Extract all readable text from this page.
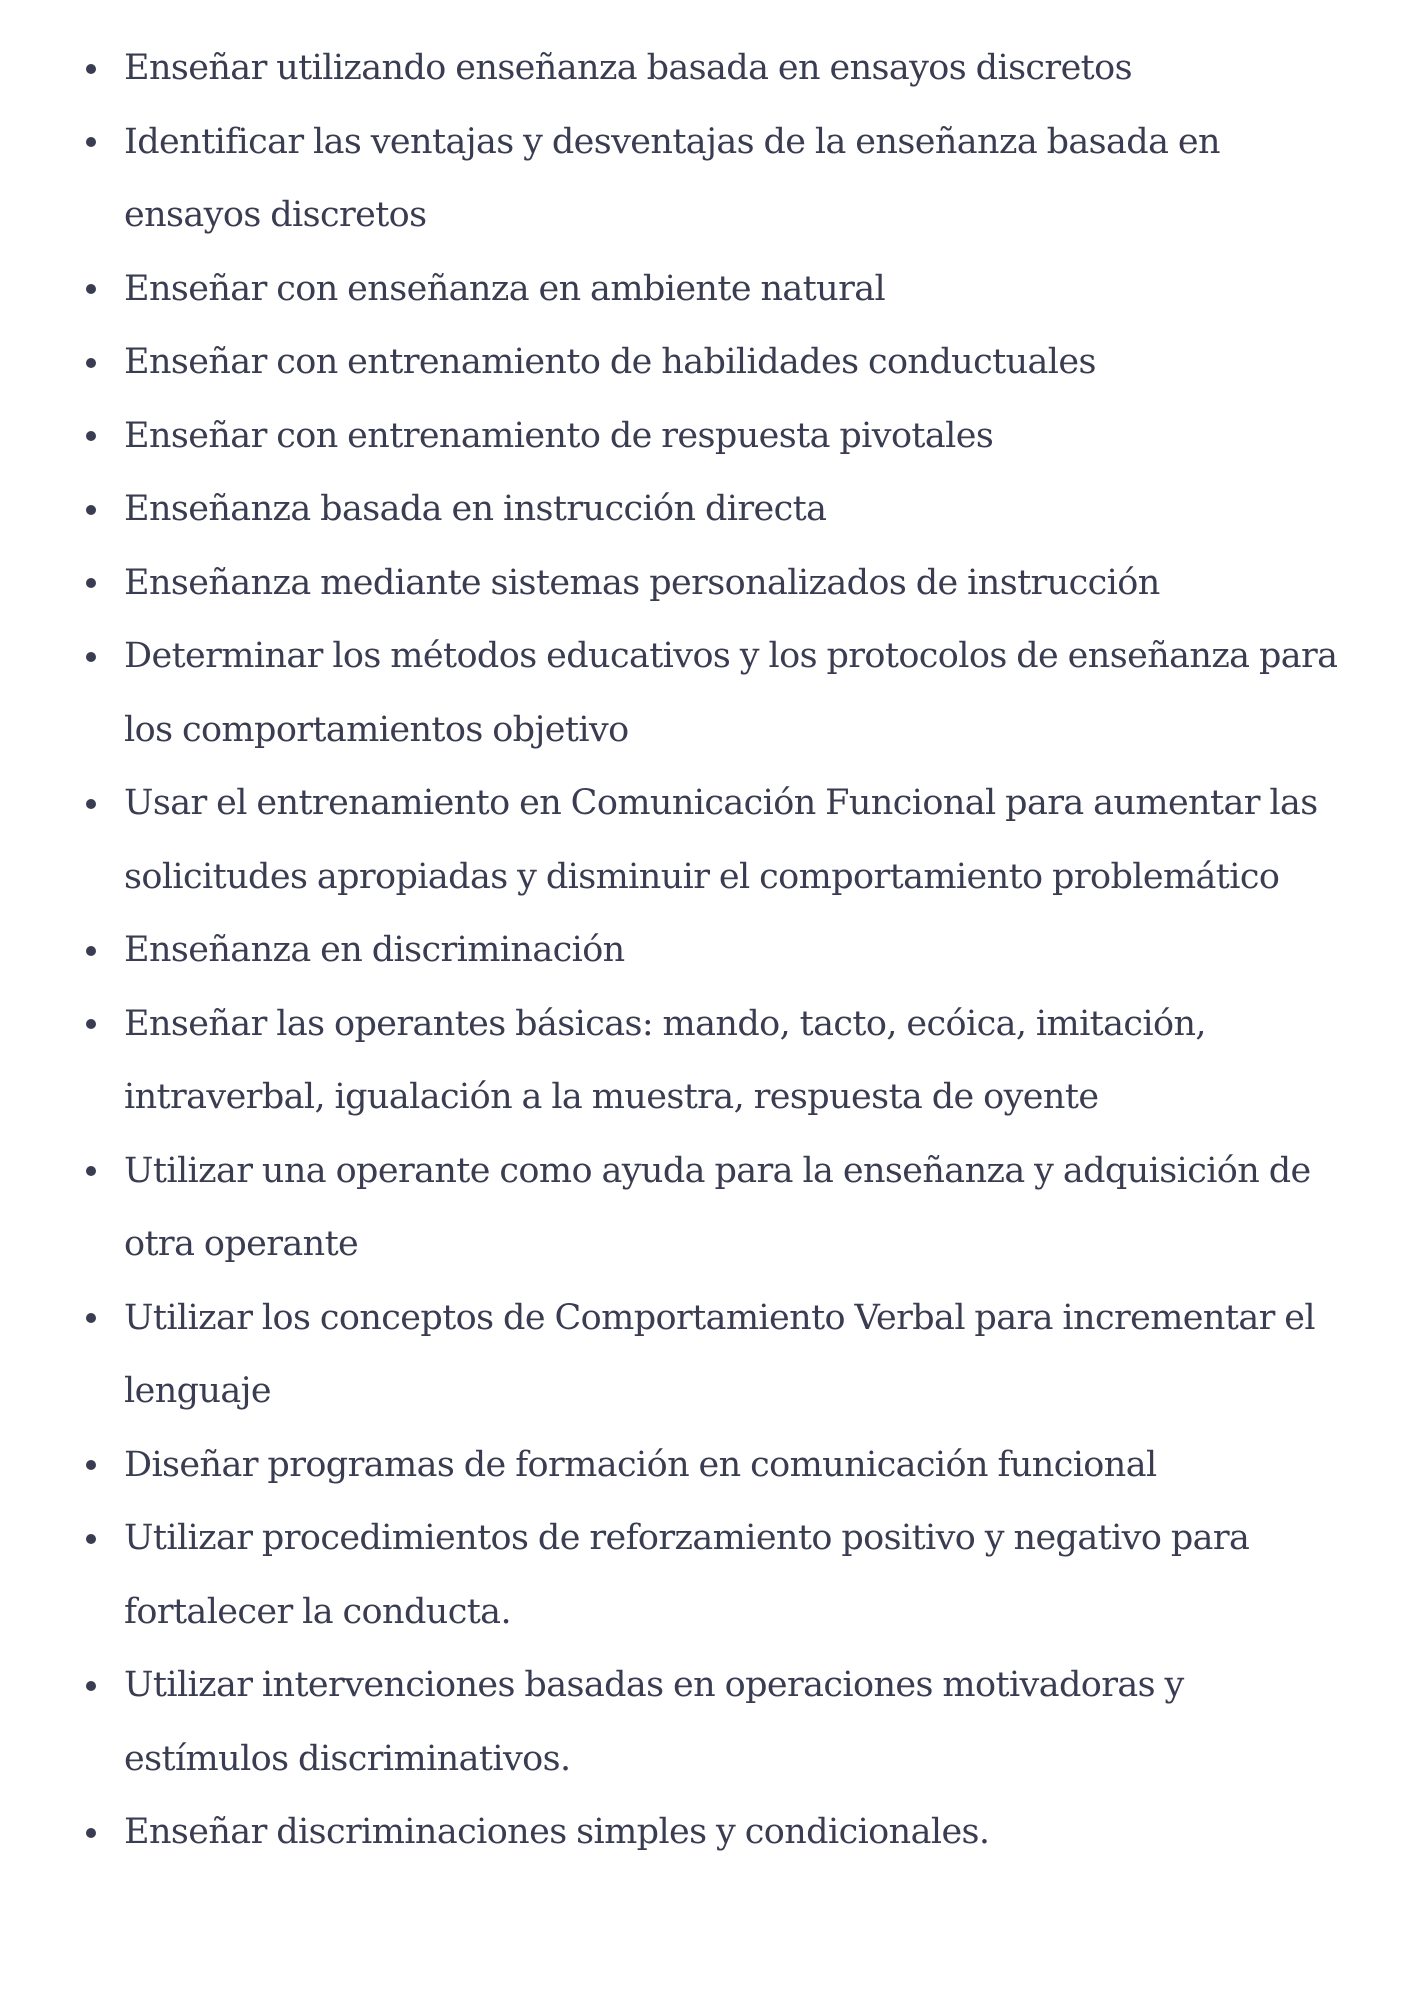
Enseñar utilizando enseñanza basada en ensayos discretos
Identificar las ventajas y desventajas de la enseñanza basada en ensayos discretos
Enseñar con enseñanza en ambiente natural
Enseñar con entrenamiento de habilidades conductuales
Enseñar con entrenamiento de respuesta pivotales
Enseñanza basada en instrucción directa
Enseñanza mediante sistemas personalizados de instrucción
Determinar los métodos educativos y los protocolos de enseñanza para los comportamientos objetivo
Usar el entrenamiento en Comunicación Funcional para aumentar las solicitudes apropiadas y disminuir el comportamiento problemático
Enseñanza en discriminación
Enseñar las operantes básicas: mando, tacto, ecóica, imitación, intraverbal, igualación a la muestra, respuesta de oyente
Utilizar una operante como ayuda para la enseñanza y adquisición de otra operante
Utilizar los conceptos de Comportamiento Verbal para incrementar el lenguaje
Diseñar programas de formación en comunicación funcional
Utilizar procedimientos de reforzamiento positivo y negativo para fortalecer la conducta.
Utilizar intervenciones basadas en operaciones motivadoras y estímulos discriminativos.
Enseñar discriminaciones simples y condicionales.
